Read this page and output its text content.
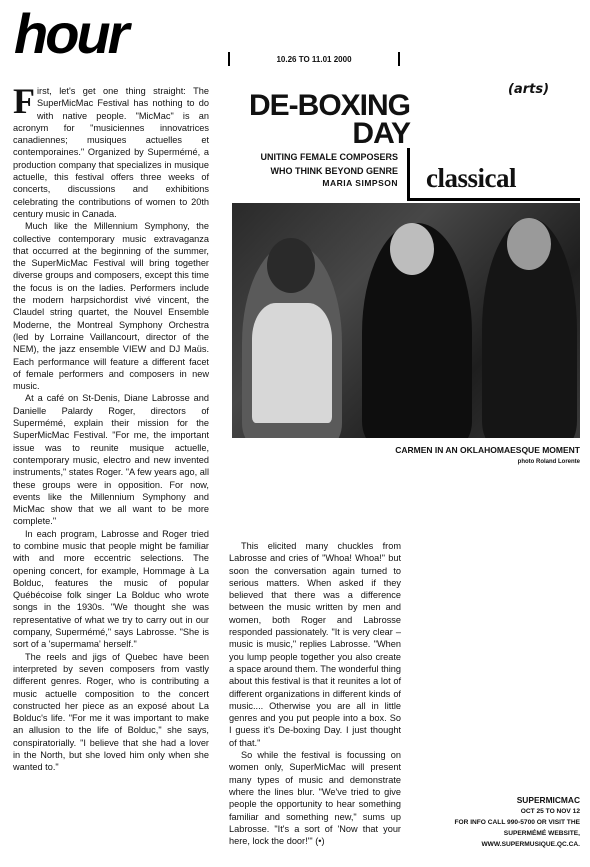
hour	10.26 TO 11.01 2000
(arts)
DE-BOXING
DAY
UNITING FEMALE COMPOSERS
WHO THINK BEYOND GENRE
MARIA SIMPSON classical
CARMEN IN AN OKLAHOMAESQUE MOMENT
photo Roland Lorente

First, let's get one thing straight: The SuperMicMac Festival has nothing to do with native people. "MicMac" is an acronym for "musiciennes innovatrices canadiennes; musiques actuelles et contemporaines." Organized by Supermémé, a production company that specializes in musique actuelle, this festival offers three weeks of concerts, discussions and exhibitions celebrating the contributions of women to 20th century music in Canada.

Much like the Millennium Symphony, the collective contemporary music extravaganza that occurred at the beginning of the summer, the SuperMicMac Festival will bring together diverse groups and composers, except this time the focus is on the ladies. Performers include the modern harpsichordist vivé vincent, the Claudel string quartet, the Nouvel Ensemble Moderne, the Montreal Symphony Orchestra (led by Lorraine Vaillancourt, director of the NEM), the jazz ensemble VIEW and DJ Maüs. Each performance will feature a different facet of female performers and composers in new music.

At a café on St-Denis, Diane Labrosse and Danielle Palardy Roger, directors of Supermémé, explain their mission for the SuperMicMac Festival. "For me, the important issue was to reunite musique actuelle, contemporary music, electro and new invented instruments," states Roger. "A few years ago, all these groups were in opposition. For now, events like the Millennium Symphony and MicMac show that we all want to be more complete."

In each program, Labrosse and Roger tried to combine music that people might be familiar with and more eccentric selections. The opening concert, for example, Hommage à La Bolduc, features the music of popular Québécoise folk singer La Bolduc who wrote songs in the 1930s. "We thought she was representative of what we try to carry out in our company, Supermémé," says Labrosse. "She is sort of a 'supermama' herself."

The reels and jigs of Quebec have been interpreted by seven composers from vastly different genres. Roger, who is contributing a music actuelle composition to the concert constructed her piece as an exposé about La Bolduc's life. "For me it was important to make an allusion to the life of Bolduc," she says, conspiratorially. "I believe that she had a lover in the North, but she loved him only when she wanted to."

This elicited many chuckles from Labrosse and cries of "Whoa! Whoa!" but soon the conversation again turned to serious matters. When asked if they believed that there was a difference between the music written by men and women, both Roger and Labrosse responded passionately. "It is very clear – music is music," replies Labrosse. "When you lump people together you also create a space around them. The wonderful thing about this festival is that it reunites a lot of different organizations in different kinds of music.... Otherwise you are all in little genres and you put people into a box. So I guess it's De-boxing Day. I just thought of that."

So while the festival is focussing on women only, SuperMicMac will present many types of music and demonstrate where the lines blur. "We've tried to give people the opportunity to hear something familiar and something new," sums up Labrosse. "It's a sort of 'Now that your here, lock the door!'" (•)

SUPERMICMAC
OCT 25 TO NOV 12
FOR INFO CALL 990-5700 OR VISIT THE
SUPERMÉMÉ WEBSITE,
WWW.SUPERMUSIQUE.QC.CA.
